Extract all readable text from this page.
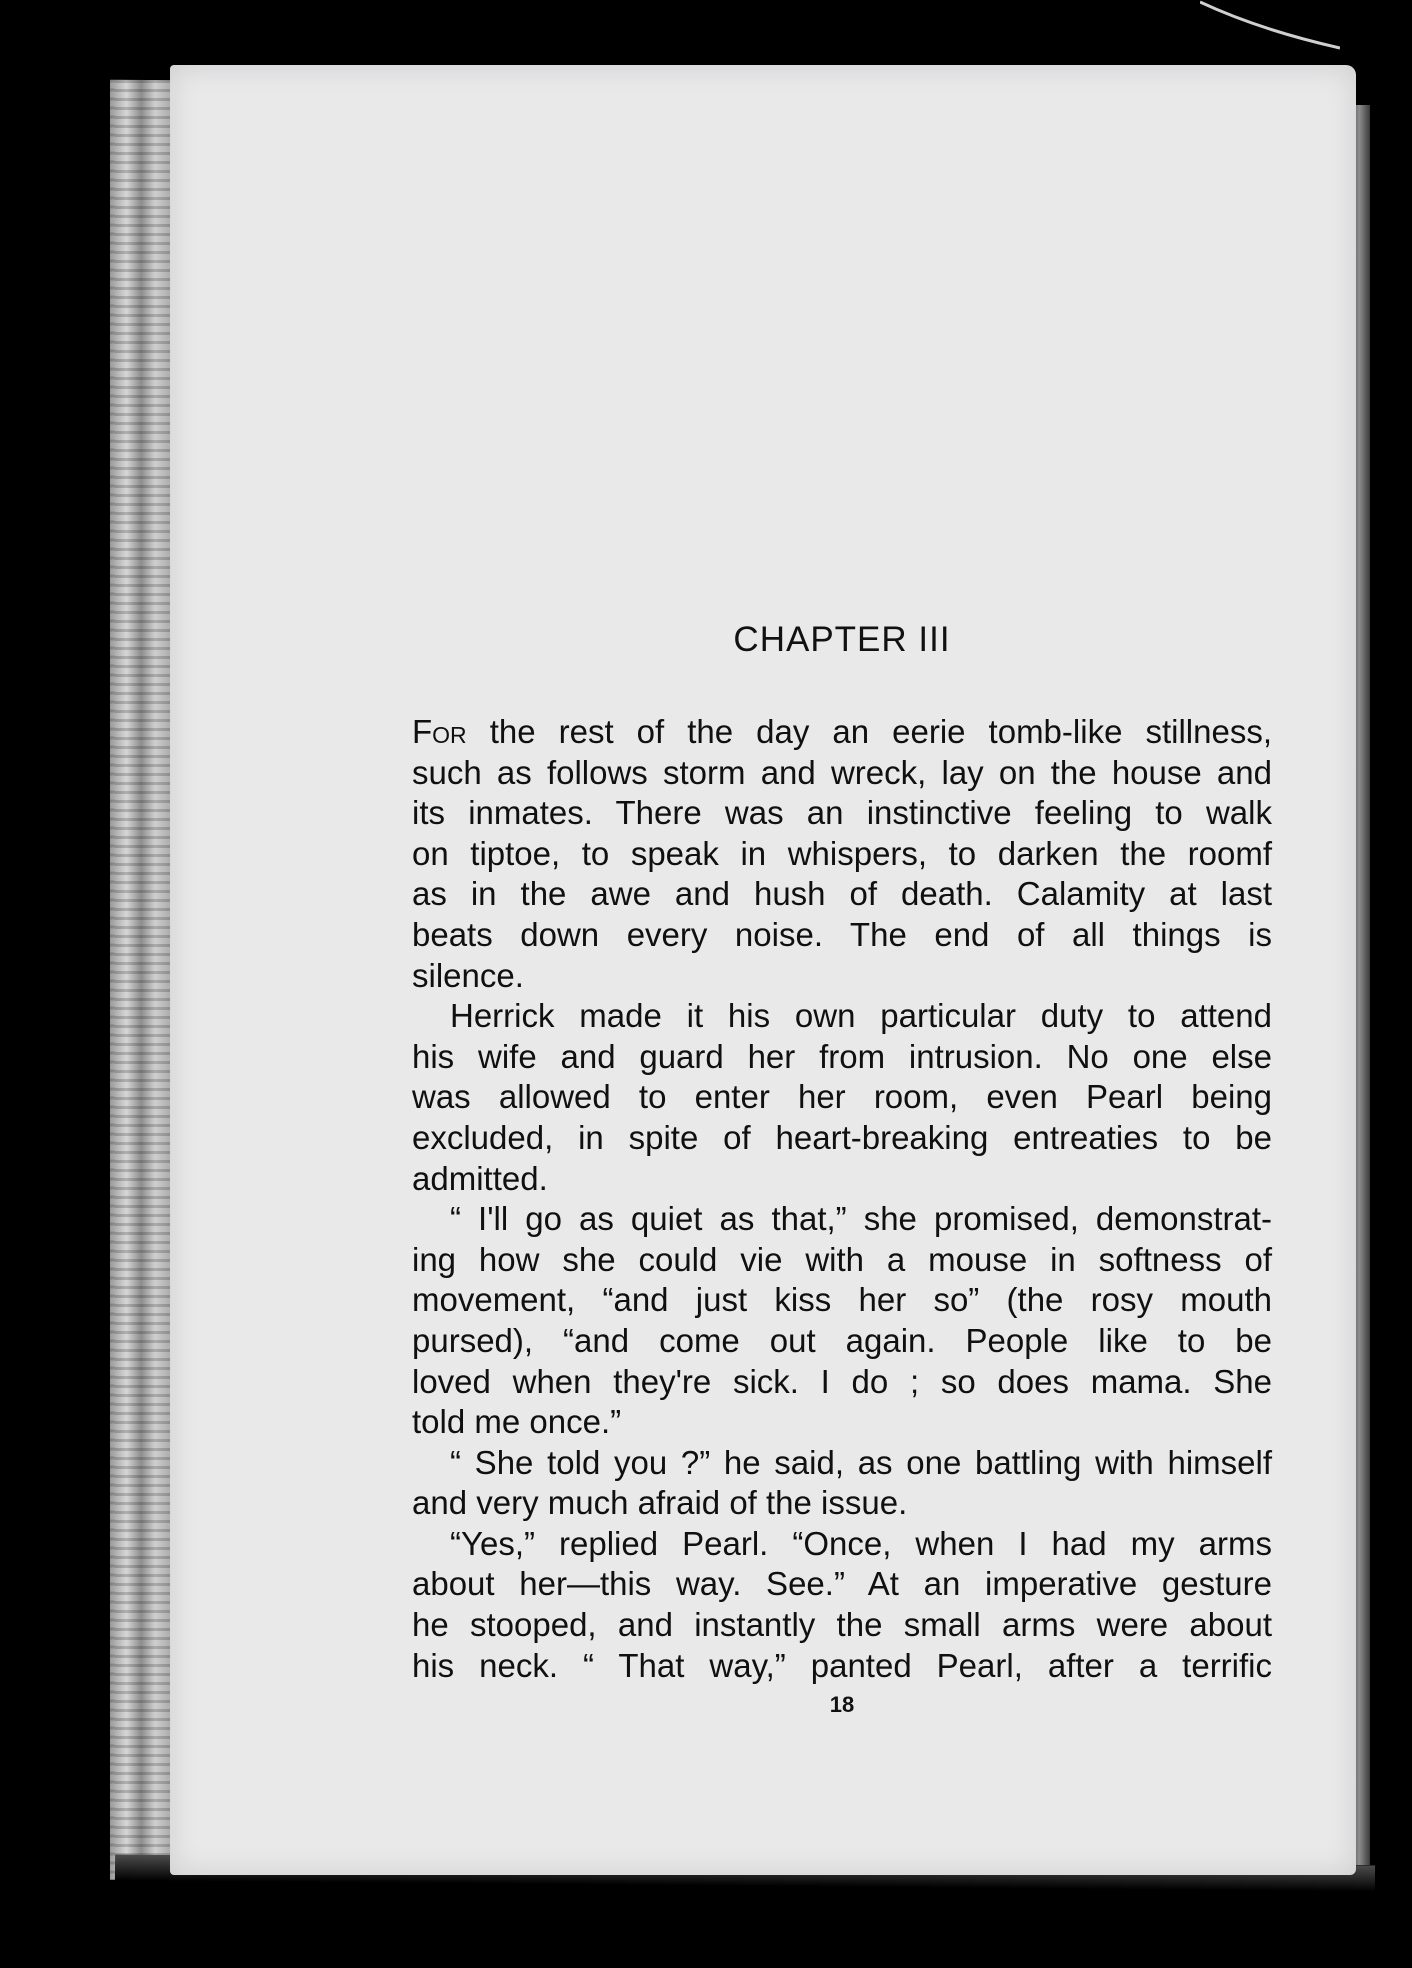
CHAPTER III
For the rest of the day an eerie tomb-like stillness,
such as follows storm and wreck, lay on the house and
its inmates. There was an instinctive feeling to walk
on tiptoe, to speak in whispers, to darken the roomf
as in the awe and hush of death. Calamity at last
beats down every noise. The end of all things is
silence.
Herrick made it his own particular duty to attend
his wife and guard her from intrusion. No one else
was allowed to enter her room, even Pearl being
excluded, in spite of heart-breaking entreaties to be
admitted.
“ I'll go as quiet as that,” she promised, demonstrat-
ing how she could vie with a mouse in softness of
movement, “and just kiss her so” (the rosy mouth
pursed), “and come out again. People like to be
loved when they're sick. I do ; so does mama. She
told me once.”
“ She told you ?” he said, as one battling with himself
and very much afraid of the issue.
“Yes,” replied Pearl. “Once, when I had my arms
about her—this way. See.” At an imperative gesture
he stooped, and instantly the small arms were about
his neck. “ That way,” panted Pearl, after a terrific
18
